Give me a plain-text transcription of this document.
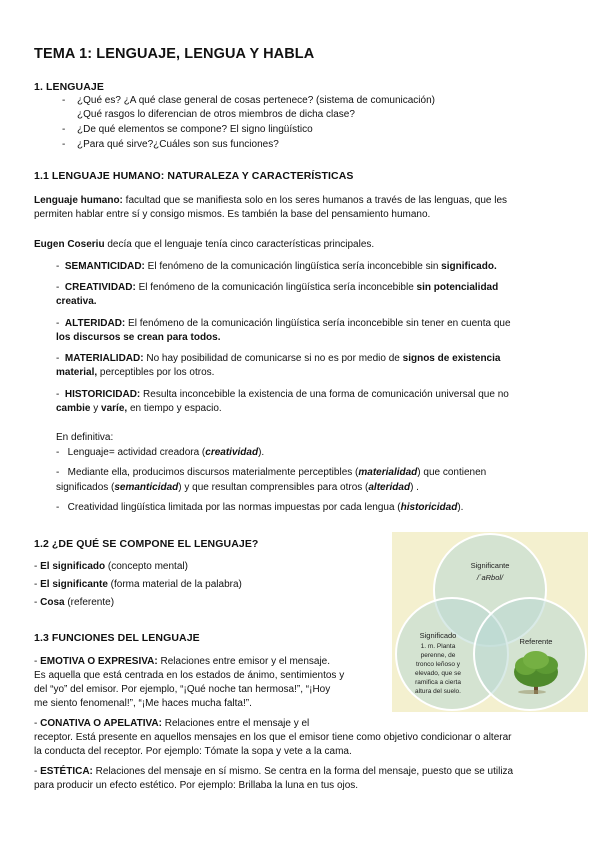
TEMA 1: LENGUAJE, LENGUA Y HABLA
1. LENGUAJE
- ¿Qué es? ¿A qué clase general de cosas pertenece? (sistema de comunicación)
¿Qué rasgos lo diferencian de otros miembros de dicha clase?
- ¿De qué elementos se compone? El signo lingüístico
- ¿Para qué sirve?¿Cuáles son sus funciones?
1.1 LENGUAJE HUMANO: NATURALEZA Y CARACTERÍSTICAS
Lenguaje humano: facultad que se manifiesta solo en los seres humanos a través de las lenguas, que les
permiten hablar entre sí y consigo mismos. Es también la base del pensamiento humano.
Eugen Coseriu decía que el lenguaje tenía cinco características principales.
-  SEMANTICIDAD: El fenómeno de la comunicación lingüística sería inconcebible sin significado.
-  CREATIVIDAD: El fenómeno de la comunicación lingüística sería inconcebible sin potencialidad
creativa.
-  ALTERIDAD: El fenómeno de la comunicación lingüística sería inconcebible sin tener en cuenta que
los discursos se crean para todos.
-  MATERIALIDAD: No hay posibilidad de comunicarse si no es por medio de signos de existencia
material, perceptibles por los otros.
-  HISTORICIDAD: Resulta inconcebible la existencia de una forma de comunicación universal que no
cambie y varíe, en tiempo y espacio.
En definitiva:
-   Lenguaje= actividad creadora (creatividad).
-   Mediante ella, producimos discursos materialmente perceptibles (materialidad) que contienen
significados (semanticidad) y que resultan comprensibles para otros (alteridad) .
-   Creatividad lingüística limitada por las normas impuestas por cada lengua (historicidad).
1.2 ¿DE QUÉ SE COMPONE EL LENGUAJE?
- El significado (concepto mental)
- El significante (forma material de la palabra)
- Cosa (referente)
Significante
/´aRbol/
Significado
1. m. Planta
perenne, de
tronco leñoso y
elevado, que se
ramifica a cierta
altura del suelo.
Referente
1.3 FUNCIONES DEL LENGUAJE
- EMOTIVA O EXPRESIVA: Relaciones entre emisor y el mensaje.
Es aquella que está centrada en los estados de ánimo, sentimientos y
del “yo” del emisor. Por ejemplo, “¡Qué noche tan hermosa!”, “¡Hoy
me siento fenomenal!”, “¡Me haces mucha falta!”.
- CONATIVA O APELATIVA: Relaciones entre el mensaje y el
receptor. Está presente en aquellos mensajes en los que el emisor tiene como objetivo condicionar o alterar
la conducta del receptor. Por ejemplo: Tómate la sopa y vete a la cama.
- ESTÉTICA: Relaciones del mensaje en sí mismo. Se centra en la forma del mensaje, puesto que se utiliza
para producir un efecto estético. Por ejemplo: Brillaba la luna en tus ojos.
